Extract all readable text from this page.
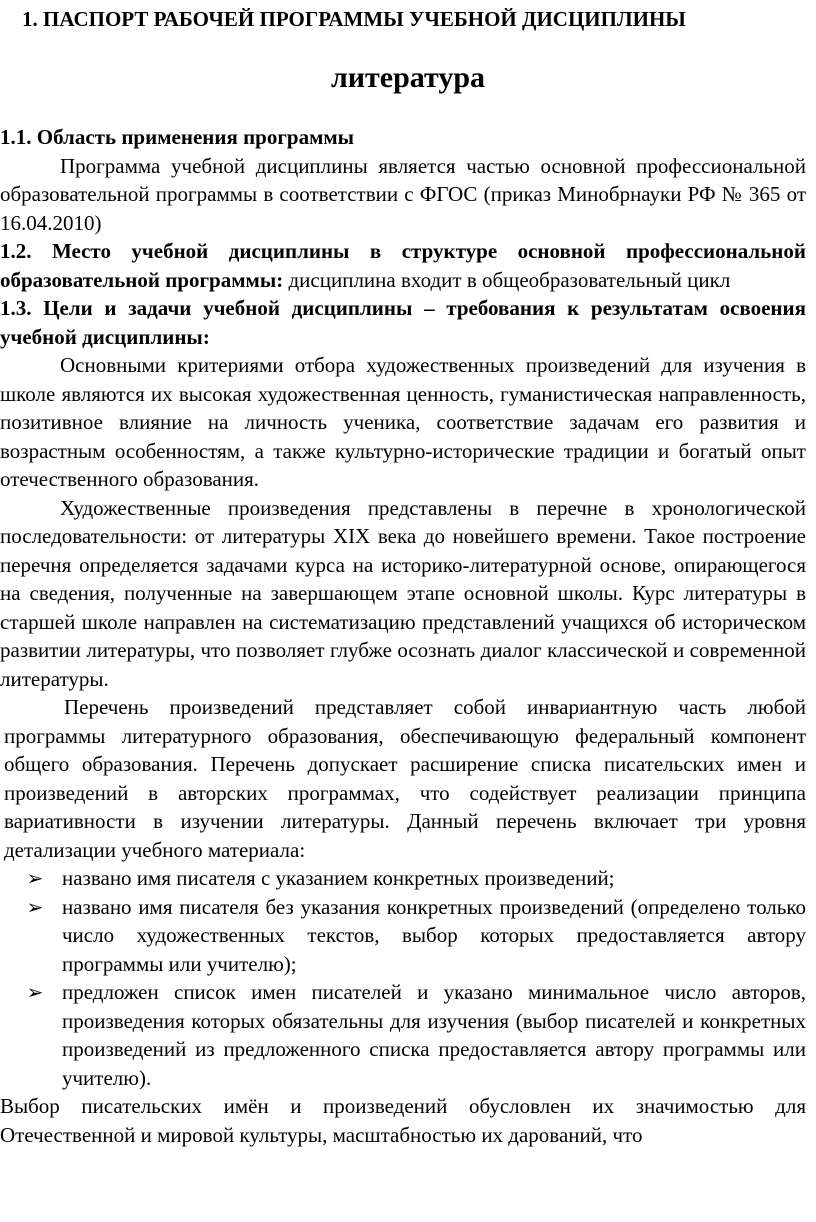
1. ПАСПОРТ РАБОЧЕЙ ПРОГРАММЫ УЧЕБНОЙ ДИСЦИПЛИНЫ
литература
1.1. Область применения программы

Программа учебной дисциплины является частью основной профессиональной образовательной программы в соответствии с ФГОС (приказ Минобрнауки РФ № 365 от 16.04.2010)

1.2. Место учебной дисциплины в структуре основной профессиональной образовательной программы: дисциплина входит в общеобразовательный цикл

1.3. Цели и задачи учебной дисциплины – требования к результатам освоения учебной дисциплины:

Основными критериями отбора художественных произведений для изучения в школе являются их высокая художественная ценность, гуманистическая направленность, позитивное влияние на личность ученика, соответствие задачам его развития и возрастным особенностям, а также культурно-исторические традиции и богатый опыт отечественного образования.

Художественные произведения представлены в перечне в хронологической последовательности: от литературы XIX века до новейшего времени. Такое построение перечня определяется задачами курса на историко-литературной основе, опирающегося на сведения, полученные на завершающем этапе основной школы. Курс литературы в старшей школе направлен на систематизацию представлений учащихся об историческом развитии литературы, что позволяет глубже осознать диалог классической и современной литературы.

Перечень произведений представляет собой инвариантную часть любой программы литературного образования, обеспечивающую федеральный компонент общего образования. Перечень допускает расширение списка писательских имен и произведений в авторских программах, что содействует реализации принципа вариативности в изучении литературы. Данный перечень включает три уровня детализации учебного материала:

➢ названо имя писателя с указанием конкретных произведений;
➢ названо имя писателя без указания конкретных произведений (определено только число художественных текстов, выбор которых предоставляется автору программы или учителю);
➢ предложен список имен писателей и указано минимальное число авторов, произведения которых обязательны для изучения (выбор писателей и конкретных произведений из предложенного списка предоставляется автору программы или учителю).

Выбор писательских имён и произведений обусловлен их значимостью для Отечественной и мировой культуры, масштабностью их дарований, что
